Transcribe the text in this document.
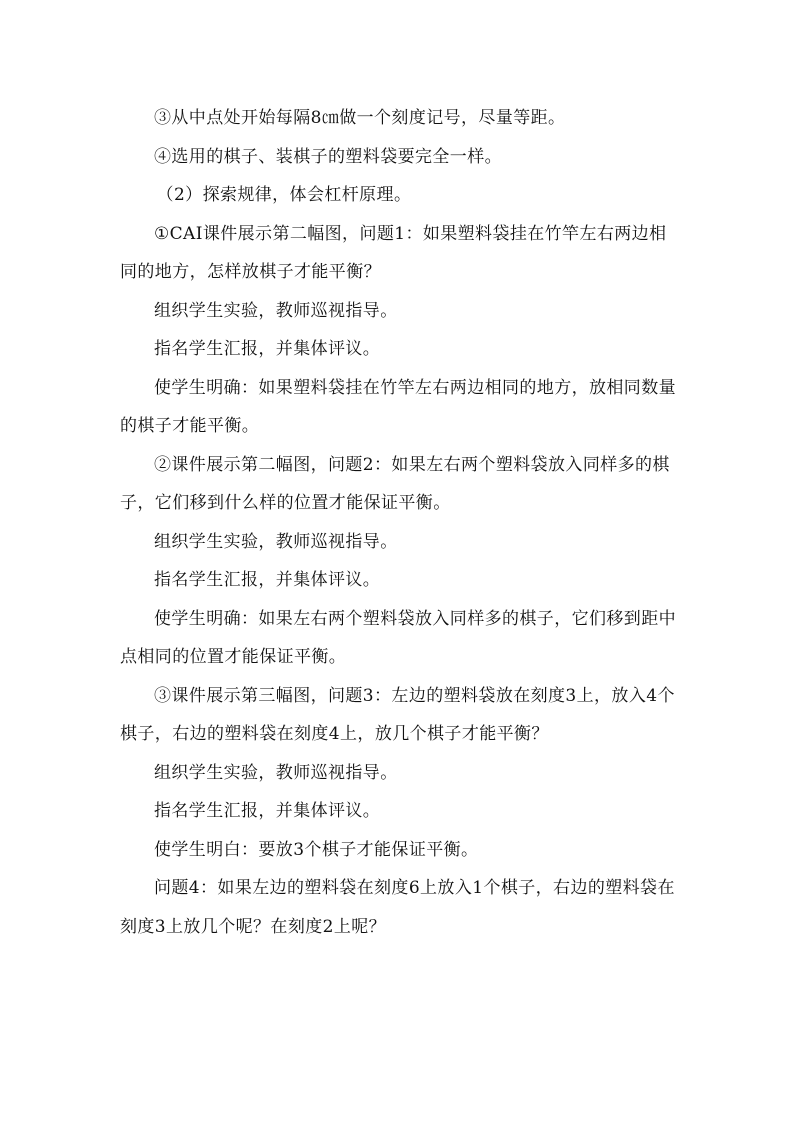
③从中点处开始每隔8㎝做一个刻度记号，尽量等距。

④选用的棋子、装棋子的塑料袋要完全一样。

（2）探索规律，体会杠杆原理。

①CAI课件展示第二幅图，问题1：如果塑料袋挂在竹竿左右两边相同的地方，怎样放棋子才能平衡？

组织学生实验，教师巡视指导。

指名学生汇报，并集体评议。

使学生明确：如果塑料袋挂在竹竿左右两边相同的地方，放相同数量的棋子才能平衡。

②课件展示第二幅图，问题2：如果左右两个塑料袋放入同样多的棋子，它们移到什么样的位置才能保证平衡。

组织学生实验，教师巡视指导。

指名学生汇报，并集体评议。

使学生明确：如果左右两个塑料袋放入同样多的棋子，它们移到距中点相同的位置才能保证平衡。

③课件展示第三幅图，问题3：左边的塑料袋放在刻度3上，放入4个棋子，右边的塑料袋在刻度4上，放几个棋子才能平衡？

组织学生实验，教师巡视指导。

指名学生汇报，并集体评议。

使学生明白：要放3个棋子才能保证平衡。

问题4：如果左边的塑料袋在刻度6上放入1个棋子，右边的塑料袋在刻度3上放几个呢？在刻度2上呢？
